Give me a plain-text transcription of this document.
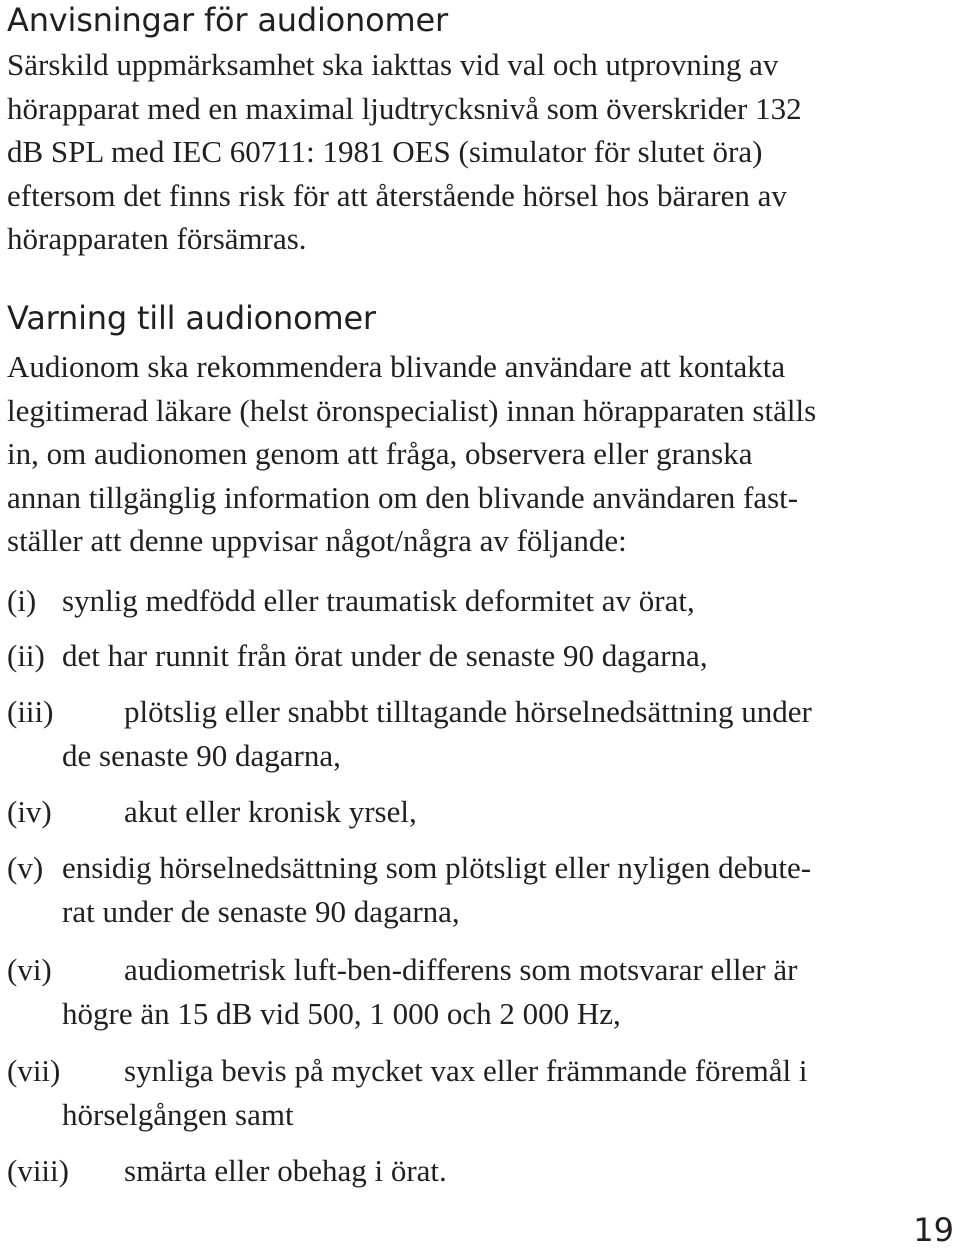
Anvisningar för audionomer

Särskild uppmärksamhet ska iakttas vid val och utprovning av
hörapparat med en maximal ljudtrycksnivå som överskrider 132
dB SPL med IEC 60711: 1981 OES (simulator för slutet öra)
eftersom det finns risk för att återstående hörsel hos bäraren av
hörapparaten försämras.

Varning till audionomer

Audionom ska rekommendera blivande användare att kontakta
legitimerad läkare (helst öronspecialist) innan hörapparaten ställs
in, om audionomen genom att fråga, observera eller granska
annan tillgänglig information om den blivande användaren fast-
ställer att denne uppvisar något/några av följande:

(i) synlig medfödd eller traumatisk deformitet av örat,
(ii) det har runnit från örat under de senaste 90 dagarna,
(iii)	plötslig eller snabbt tilltagande hörselnedsättning under
de senaste 90 dagarna,
(iv)	akut eller kronisk yrsel,
(v) ensidig hörselnedsättning som plötsligt eller nyligen debute-
rat under de senaste 90 dagarna,
(vi)	audiometrisk luft-ben-differens som motsvarar eller är
högre än 15 dB vid 500, 1 000 och 2 000 Hz,
(vii)	synliga bevis på mycket vax eller främmande föremål i
hörselgången samt
(viii)	smärta eller obehag i örat.
19
